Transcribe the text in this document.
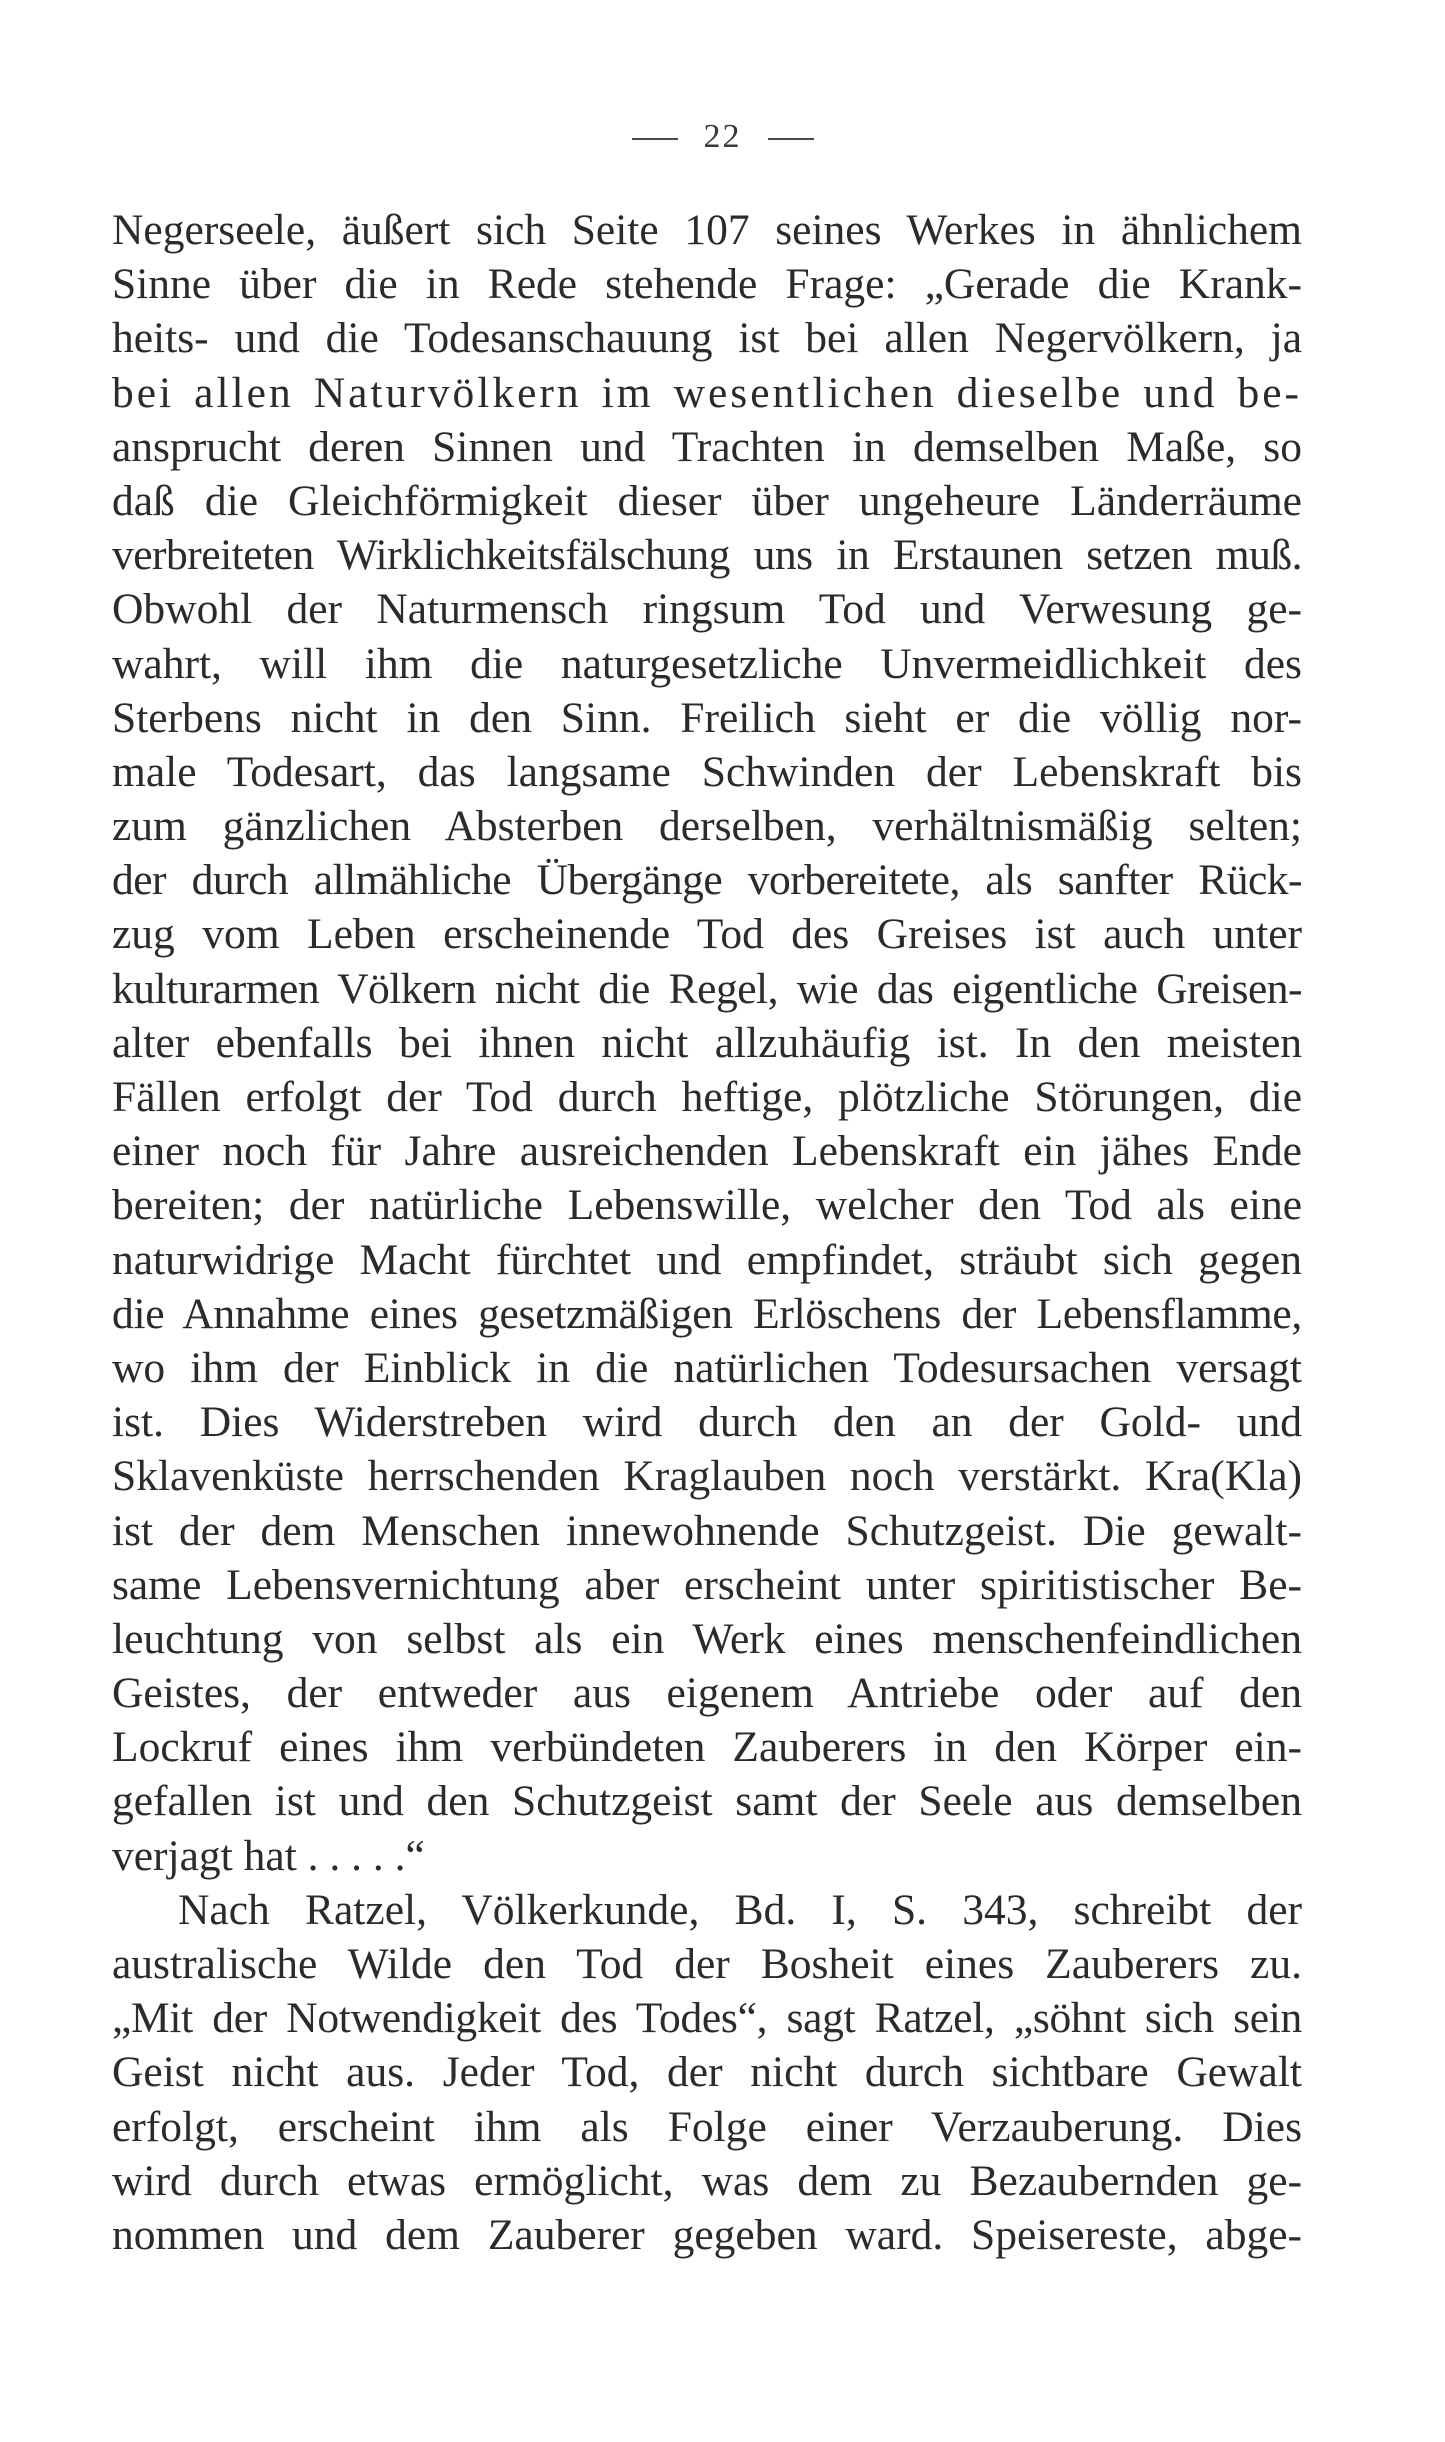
22
Negerseele, äußert sich Seite 107 seines Werkes in ähnlichem
Sinne über die in Rede stehende Frage: „Gerade die Krank-
heits- und die Todesanschauung ist bei allen Negervölkern, ja
bei allen Naturvölkern im wesentlichen dieselbe und be-
ansprucht deren Sinnen und Trachten in demselben Maße, so
daß die Gleichförmigkeit dieser über ungeheure Länderräume
verbreiteten Wirklichkeitsfälschung uns in Erstaunen setzen muß.
Obwohl der Naturmensch ringsum Tod und Verwesung ge-
wahrt, will ihm die naturgesetzliche Unvermeidlichkeit des
Sterbens nicht in den Sinn. Freilich sieht er die völlig nor-
male Todesart, das langsame Schwinden der Lebenskraft bis
zum gänzlichen Absterben derselben, verhältnismäßig selten;
der durch allmähliche Übergänge vorbereitete, als sanfter Rück-
zug vom Leben erscheinende Tod des Greises ist auch unter
kulturarmen Völkern nicht die Regel, wie das eigentliche Greisen-
alter ebenfalls bei ihnen nicht allzuhäufig ist. In den meisten
Fällen erfolgt der Tod durch heftige, plötzliche Störungen, die
einer noch für Jahre ausreichenden Lebenskraft ein jähes Ende
bereiten; der natürliche Lebenswille, welcher den Tod als eine
naturwidrige Macht fürchtet und empfindet, sträubt sich gegen
die Annahme eines gesetzmäßigen Erlöschens der Lebensflamme,
wo ihm der Einblick in die natürlichen Todesursachen versagt
ist. Dies Widerstreben wird durch den an der Gold- und
Sklavenküste herrschenden Kraglauben noch verstärkt. Kra(Kla)
ist der dem Menschen innewohnende Schutzgeist. Die gewalt-
same Lebensvernichtung aber erscheint unter spiritistischer Be-
leuchtung von selbst als ein Werk eines menschenfeindlichen
Geistes, der entweder aus eigenem Antriebe oder auf den
Lockruf eines ihm verbündeten Zauberers in den Körper ein-
gefallen ist und den Schutzgeist samt der Seele aus demselben
verjagt hat . . . . .“
Nach Ratzel, Völkerkunde, Bd. I, S. 343, schreibt der
australische Wilde den Tod der Bosheit eines Zauberers zu.
„Mit der Notwendigkeit des Todes“, sagt Ratzel, „söhnt sich sein
Geist nicht aus. Jeder Tod, der nicht durch sichtbare Gewalt
erfolgt, erscheint ihm als Folge einer Verzauberung. Dies
wird durch etwas ermöglicht, was dem zu Bezaubernden ge-
nommen und dem Zauberer gegeben ward. Speisereste, abge-
